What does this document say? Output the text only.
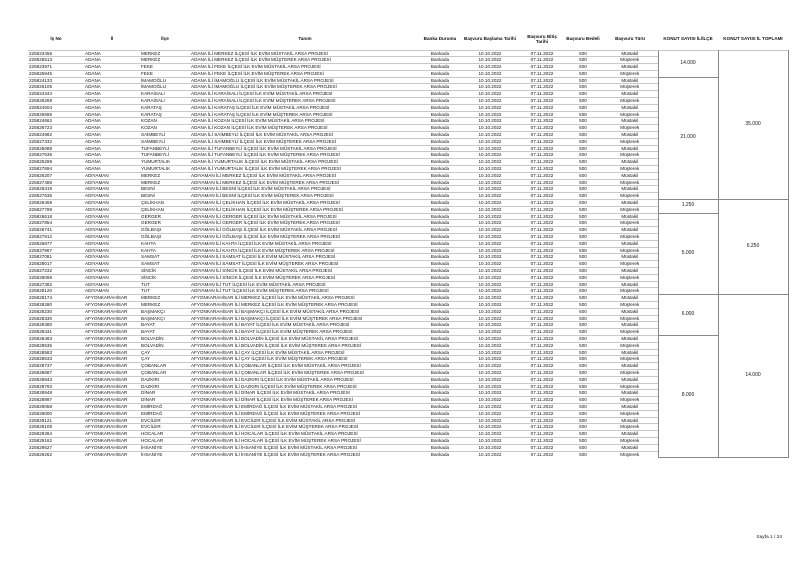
İş No	İl	İlçe	Tanım	Banka Durumu	Başvuru Başlama Tarihi	Başvuru Bitiş Tarihi	Başvuru Bedeli	Başvuru Türü	KONUT SAYISI İL/İLÇE	KONUT SAYISI İL TOPLAMI
225823456	ADANA	MERKEZ	ADANA İLİ MERKEZ İLÇESİ İLK EVİM MÜSTAKİL ARSA PROJESİ	Bankada	10.10.2022	07.11.2022	500	Müstakil	14.000	35.000
225825513	ADANA	MERKEZ	ADANA İLİ MERKEZ İLÇESİ İLK EVİM MÜŞTEREK ARSA PROJESİ	Bankada	10.10.2022	07.11.2022	500	Müşterek		
225823971	ADANA	FEKE	ADANA İLİ FEKE İLÇESİ İLK EVİM MÜSTAKİL ARSA PROJESİ	Bankada	10.10.2022	07.11.2022	500	Müstakil		
225825945	ADANA	FEKE	ADANA İLİ FEKE İLÇESİ İLK EVİM MÜŞTEREK ARSA PROJESİ	Bankada	10.10.2022	07.11.2022	500	Müşterek		
225824133	ADANA	İMAMOĞLU	ADANA İLİ İMAMOĞLU İLÇESİ İLK EVİM MÜSTAKİL ARSA PROJESİ	Bankada	10.10.2022	07.11.2022	500	Müstakil	21.000	
225826105	ADANA	İMAMOĞLU	ADANA İLİ İMAMOĞLU İLÇESİ İLK EVİM MÜŞTEREK ARSA PROJESİ	Bankada	10.10.2022	07.11.2022	500	Müşterek		
225824344	ADANA	KARAİSALI	ADANA İLİ KARAİSALI İLÇESİ İLK EVİM MÜSTAKİL ARSA PROJESİ	Bankada	10.10.2022	07.11.2022	500	Müstakil		
225826259	ADANA	KARAİSALI	ADANA İLİ KARAİSALI İLÇESİ İLK EVİM MÜŞTEREK ARSA PROJESİ	Bankada	10.10.2022	07.11.2022	500	Müşterek		
225824504	ADANA	KARATAŞ	ADANA İLİ KARATAŞ İLÇESİ İLK EVİM MÜSTAKİL ARSA PROJESİ	Bankada	10.10.2022	07.11.2022	500	Müstakil		
225826565	ADANA	KARATAŞ	ADANA İLİ KARATAŞ İLÇESİ İLK EVİM MÜŞTEREK ARSA PROJESİ	Bankada	10.10.2022	07.11.2022	500	Müşterek		
225824662	ADANA	KOZAN	ADANA İLİ KOZAN İLÇESİ İLK EVİM MÜSTAKİL ARSA PROJESİ	Bankada	10.10.2022	07.11.2022	500	Müstakil		
225826723	ADANA	KOZAN	ADANA İLİ KOZAN İLÇESİ İLK EVİM MÜŞTEREK ARSA PROJESİ	Bankada	10.10.2022	07.11.2022	500	Müşterek		
225824982	ADANA	SAİMBEYLİ	ADANA İLİ SAİMBEYLİ İLÇESİ İLK EVİM MÜSTAKİL ARSA PROJESİ	Bankada	10.10.2022	07.11.2022	500	Müstakil		
225827332	ADANA	SAİMBEYLİ	ADANA İLİ SAİMBEYLİ İLÇESİ İLK EVİM MÜŞTEREK ARSA PROJESİ	Bankada	10.10.2022	07.11.2022	500	Müşterek		
225825088	ADANA	TUFANBEYLİ	ADANA İLİ TUFANBEYLİ İLÇESİ İLK EVİM MÜSTAKİL ARSA PROJESİ	Bankada	10.10.2022	07.11.2022	500	Müstakil		
225827536	ADANA	TUFANBEYLİ	ADANA İLİ TUFANBEYLİ İLÇESİ İLK EVİM MÜŞTEREK ARSA PROJESİ	Bankada	10.10.2022	07.11.2022	500	Müşterek		
225825299	ADANA	YUMURTALIK	ADANA İLİ YUMURTALIK İLÇESİ İLK EVİM MÜSTAKİL ARSA PROJESİ	Bankada	10.10.2022	07.11.2022	500	Müstakil		
225827694	ADANA	YUMURTALIK	ADANA İLİ YUMURTALIK İLÇESİ İLK EVİM MÜŞTEREK ARSA PROJESİ	Bankada	10.10.2022	07.11.2022	500	Müşterek		
225826207	ADIYAMAN	MERKEZ	ADIYAMAN İLİ MERKEZ İLÇESİ İLK EVİM MÜSTAKİL ARSA PROJESİ	Bankada	10.10.2022	07.11.2022	500	Müstakil		
225827486	ADIYAMAN	MERKEZ	ADIYAMAN İLİ MERKEZ İLÇESİ İLK EVİM MÜŞTEREK ARSA PROJESİ	Bankada	10.10.2022	07.11.2022	500	Müşterek		
225826319	ADIYAMAN	BESNİ	ADIYAMAN İLİ BESNİ İLÇESİ İLK EVİM MÜSTAKİL ARSA PROJESİ	Bankada	10.10.2022	07.11.2022	500	Müstakil		
225827636	ADIYAMAN	BESNİ	ADIYAMAN İLİ BESNİ İLÇESİ İLK EVİM MÜŞTEREK ARSA PROJESİ	Bankada	10.10.2022	07.11.2022	500	Müşterek		
225826459	ADIYAMAN	ÇELİKHAN	ADIYAMAN İLİ ÇELİKHAN İLÇESİ İLK EVİM MÜSTAKİL ARSA PROJESİ	Bankada	10.10.2022	07.11.2022	500	Müstakil	1.250	6.250
225827799	ADIYAMAN	ÇELİKHAN	ADIYAMAN İLİ ÇELİKHAN İLÇESİ İLK EVİM MÜŞTEREK ARSA PROJESİ	Bankada	10.10.2022	07.11.2022	500	Müşterek		
225826618	ADIYAMAN	GERGER	ADIYAMAN İLİ GERGER İLÇESİ İLK EVİM MÜSTAKİL ARSA PROJESİ	Bankada	10.10.2022	07.11.2022	500	Müstakil	5.000	
225827854	ADIYAMAN	GERGER	ADIYAMAN İLİ GERGER İLÇESİ İLK EVİM MÜŞTEREK ARSA PROJESİ	Bankada	10.10.2022	07.11.2022	500	Müşterek		
225826741	ADIYAMAN	GÖLBAŞI	ADIYAMAN İLİ GÖLBAŞI İLÇESİ İLK EVİM MÜSTAKİL ARSA PROJESİ	Bankada	10.10.2022	07.11.2022	500	Müstakil		
225827912	ADIYAMAN	GÖLBAŞI	ADIYAMAN İLİ GÖLBAŞI İLÇESİ İLK EVİM MÜŞTEREK ARSA PROJESİ	Bankada	10.10.2022	07.11.2022	500	Müşterek		
225826877	ADIYAMAN	KAHTA	ADIYAMAN İLİ KAHTA İLÇESİ İLK EVİM MÜSTAKİL ARSA PROJESİ	Bankada	10.10.2022	07.11.2022	500	Müstakil		
225827967	ADIYAMAN	KAHTA	ADIYAMAN İLİ KAHTA İLÇESİ İLK EVİM MÜŞTEREK ARSA PROJESİ	Bankada	10.10.2022	07.11.2022	500	Müşterek		
225827081	ADIYAMAN	SAMSAT	ADIYAMAN İLİ SAMSAT İLÇESİ İLK EVİM MÜSTAKİL ARSA PROJESİ	Bankada	10.10.2022	07.11.2022	500	Müstakil		
225828017	ADIYAMAN	SAMSAT	ADIYAMAN İLİ SAMSAT İLÇESİ İLK EVİM MÜŞTEREK ARSA PROJESİ	Bankada	10.10.2022	07.11.2022	500	Müşterek		
225827232	ADIYAMAN	SİNCİK	ADIYAMAN İLİ SİNCİK İLÇESİ İLK EVİM MÜSTAKİL ARSA PROJESİ	Bankada	10.10.2022	07.11.2022	500	Müstakil		
225828069	ADIYAMAN	SİNCİK	ADIYAMAN İLİ SİNCİK İLÇESİ İLK EVİM MÜŞTEREK ARSA PROJESİ	Bankada	10.10.2022	07.11.2022	500	Müşterek		
225827382	ADIYAMAN	TUT	ADIYAMAN İLİ TUT İLÇESİ İLK EVİM MÜSTAKİL ARSA PROJESİ	Bankada	10.10.2022	07.11.2022	500	Müstakil		
225828120	ADIYAMAN	TUT	ADIYAMAN İLİ TUT İLÇESİ İLK EVİM MÜŞTEREK ARSA PROJESİ	Bankada	10.10.2022	07.11.2022	500	Müşterek		
225828174	AFYONKARAHİSAR	MERKEZ	AFYONKARAHİSAR İLİ MERKEZ İLÇESİ İLK EVİM MÜSTAKİL ARSA PROJESİ	Bankada	10.10.2022	07.11.2022	500	Müstakil	6.000	14.000
225828280	AFYONKARAHİSAR	MERKEZ	AFYONKARAHİSAR İLİ MERKEZ İLÇESİ İLK EVİM MÜŞTEREK ARSA PROJESİ	Bankada	10.10.2022	07.11.2022	500	Müşterek		
225828230	AFYONKARAHİSAR	BAŞMAKÇI	AFYONKARAHİSAR İLİ BAŞMAKÇI İLÇESİ İLK EVİM MÜSTAKİL ARSA PROJESİ	Bankada	10.10.2022	07.11.2022	500	Müstakil		
225828330	AFYONKARAHİSAR	BAŞMAKÇI	AFYONKARAHİSAR İLİ BAŞMAKÇI İLÇESİ İLK EVİM MÜŞTEREK ARSA PROJESİ	Bankada	10.10.2022	07.11.2022	500	Müşterek		
225828380	AFYONKARAHİSAR	BAYAT	AFYONKARAHİSAR İLİ BAYAT İLÇESİ İLK EVİM MÜSTAKİL ARSA PROJESİ	Bankada	10.10.2022	07.11.2022	500	Müstakil		
225828431	AFYONKARAHİSAR	BAYAT	AFYONKARAHİSAR İLİ BAYAT İLÇESİ İLK EVİM MÜŞTEREK ARSA PROJESİ	Bankada	10.10.2022	07.11.2022	500	Müşterek		
225828483	AFYONKARAHİSAR	BOLVADİN	AFYONKARAHİSAR İLİ BOLVADİN İLÇESİ İLK EVİM MÜSTAKİL ARSA PROJESİ	Bankada	10.10.2022	07.11.2022	500	Müstakil	8.000	
225828535	AFYONKARAHİSAR	BOLVADİN	AFYONKARAHİSAR İLİ BOLVADİN İLÇESİ İLK EVİM MÜŞTEREK ARSA PROJESİ	Bankada	10.10.2022	07.11.2022	500	Müşterek		
225828583	AFYONKARAHİSAR	ÇAY	AFYONKARAHİSAR İLİ ÇAY İLÇESİ İLK EVİM MÜSTAKİL ARSA PROJESİ	Bankada	10.10.2022	07.11.2022	500	Müstakil		
225828633	AFYONKARAHİSAR	ÇAY	AFYONKARAHİSAR İLİ ÇAY İLÇESİ İLK EVİM MÜŞTEREK ARSA PROJESİ	Bankada	10.10.2022	07.11.2022	500	Müşterek		
225828737	AFYONKARAHİSAR	ÇOBANLAR	AFYONKARAHİSAR İLİ ÇOBANLAR İLÇESİ İLK EVİM MÜSTAKİL ARSA PROJESİ	Bankada	10.10.2022	07.11.2022	500	Müstakil		
225828687	AFYONKARAHİSAR	ÇOBANLAR	AFYONKARAHİSAR İLİ ÇOBANLAR İLÇESİ İLK EVİM MÜŞTEREK ARSA PROJESİ	Bankada	10.10.2022	07.11.2022	500	Müşterek		
225828843	AFYONKARAHİSAR	DAZKIRI	AFYONKARAHİSAR İLİ DAZKIRI İLÇESİ İLK EVİM MÜSTAKİL ARSA PROJESİ	Bankada	10.10.2022	07.11.2022	500	Müstakil		
225828793	AFYONKARAHİSAR	DAZKIRI	AFYONKARAHİSAR İLİ DAZKIRI İLÇESİ İLK EVİM MÜŞTEREK ARSA PROJESİ	Bankada	10.10.2022	07.11.2022	500	Müşterek		
225828948	AFYONKARAHİSAR	DİNAR	AFYONKARAHİSAR İLİ DİNAR İLÇESİ İLK EVİM MÜSTAKİL ARSA PROJESİ	Bankada	10.10.2022	07.11.2022	500	Müstakil		
225828897	AFYONKARAHİSAR	DİNAR	AFYONKARAHİSAR İLİ DİNAR İLÇESİ İLK EVİM MÜŞTEREK ARSA PROJESİ	Bankada	10.10.2022	07.11.2022	500	Müşterek		
225829058	AFYONKARAHİSAR	EMİRDAĞ	AFYONKARAHİSAR İLİ EMİRDAĞ İLÇESİ İLK EVİM MÜSTAKİL ARSA PROJESİ	Bankada	10.10.2022	07.11.2022	500	Müstakil		
225829000	AFYONKARAHİSAR	EMİRDAĞ	AFYONKARAHİSAR İLİ EMİRDAĞ İLÇESİ İLK EVİM MÜŞTEREK ARSA PROJESİ	Bankada	10.10.2022	07.11.2022	500	Müşterek		
225829121	AFYONKARAHİSAR	EVCİLER	AFYONKARAHİSAR İLİ EVCİLER İLÇESİ İLK EVİM MÜSTAKİL ARSA PROJESİ	Bankada	10.10.2022	07.11.2022	500	Müstakil		
225829109	AFYONKARAHİSAR	EVCİLER	AFYONKARAHİSAR İLİ EVCİLER İLÇESİ İLK EVİM MÜŞTEREK ARSA PROJESİ	Bankada	10.10.2022	07.11.2022	500	Müşterek		
225829364	AFYONKARAHİSAR	HOCALAR	AFYONKARAHİSAR İLİ HOCALAR İLÇESİ İLK EVİM MÜSTAKİL ARSA PROJESİ	Bankada	10.10.2022	07.11.2022	500	Müstakil		
225829162	AFYONKARAHİSAR	HOCALAR	AFYONKARAHİSAR İLİ HOCALAR İLÇESİ İLK EVİM MÜŞTEREK ARSA PROJESİ	Bankada	10.10.2022	07.11.2022	500	Müşterek		
225829527	AFYONKARAHİSAR	İHSANİYE	AFYONKARAHİSAR İLİ İHSANİYE İLÇESİ İLK EVİM MÜSTAKİL ARSA PROJESİ	Bankada	10.10.2022	07.11.2022	500	Müstakil		
225829262	AFYONKARAHİSAR	İHSANİYE	AFYONKARAHİSAR İLİ İHSANİYE İLÇESİ İLK EVİM MÜŞTEREK ARSA PROJESİ	Bankada	10.10.2022	07.11.2022	500	Müşterek		
Sayfa 1 / 24
